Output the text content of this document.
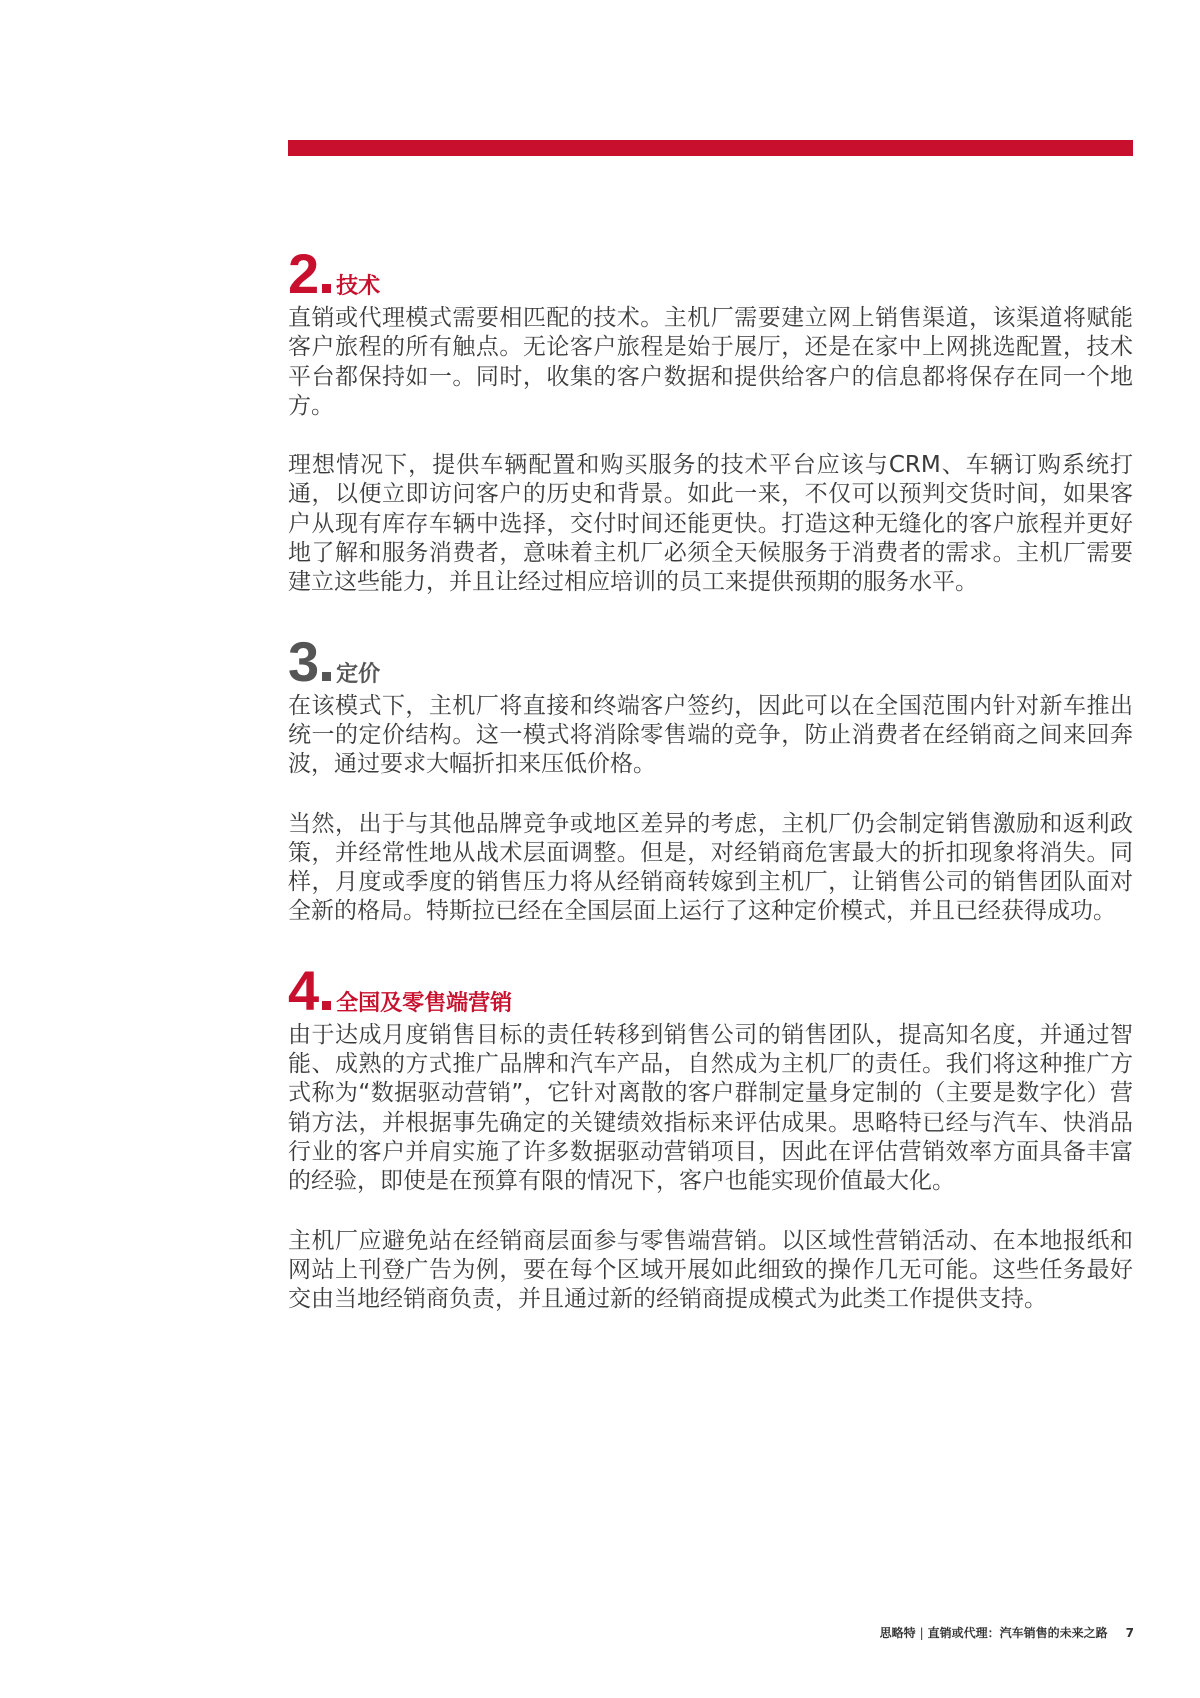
2 技术

直销或代理模式需要相匹配的技术。主机厂需要建立网上销售渠道，该渠道将赋能客户旅程的所有触点。无论客户旅程是始于展厅，还是在家中上网挑选配置，技术平台都保持如一。同时，收集的客户数据和提供给客户的信息都将保存在同一个地方。

理想情况下，提供车辆配置和购买服务的技术平台应该与CRM、车辆订购系统打通，以便立即访问客户的历史和背景。如此一来，不仅可以预判交货时间，如果客户从现有库存车辆中选择，交付时间还能更快。打造这种无缝化的客户旅程并更好地了解和服务消费者，意味着主机厂必须全天候服务于消费者的需求。主机厂需要建立这些能力，并且让经过相应培训的员工来提供预期的服务水平。

3 定价

在该模式下，主机厂将直接和终端客户签约，因此可以在全国范围内针对新车推出统一的定价结构。这一模式将消除零售端的竞争，防止消费者在经销商之间来回奔波，通过要求大幅折扣来压低价格。

当然，出于与其他品牌竞争或地区差异的考虑，主机厂仍会制定销售激励和返利政策，并经常性地从战术层面调整。但是，对经销商危害最大的折扣现象将消失。同样，月度或季度的销售压力将从经销商转嫁到主机厂，让销售公司的销售团队面对全新的格局。特斯拉已经在全国层面上运行了这种定价模式，并且已经获得成功。

4 全国及零售端营销

由于达成月度销售目标的责任转移到销售公司的销售团队，提高知名度，并通过智能、成熟的方式推广品牌和汽车产品，自然成为主机厂的责任。我们将这种推广方式称为“数据驱动营销”，它针对离散的客户群制定量身定制的（主要是数字化）营销方法，并根据事先确定的关键绩效指标来评估成果。思略特已经与汽车、快消品行业的客户并肩实施了许多数据驱动营销项目，因此在评估营销效率方面具备丰富的经验，即使是在预算有限的情况下，客户也能实现价值最大化。

主机厂应避免站在经销商层面参与零售端营销。以区域性营销活动、在本地报纸和网站上刊登广告为例，要在每个区域开展如此细致的操作几无可能。这些任务最好交由当地经销商负责，并且通过新的经销商提成模式为此类工作提供支持。

思略特 | 直销或代理：汽车销售的未来之路 7
